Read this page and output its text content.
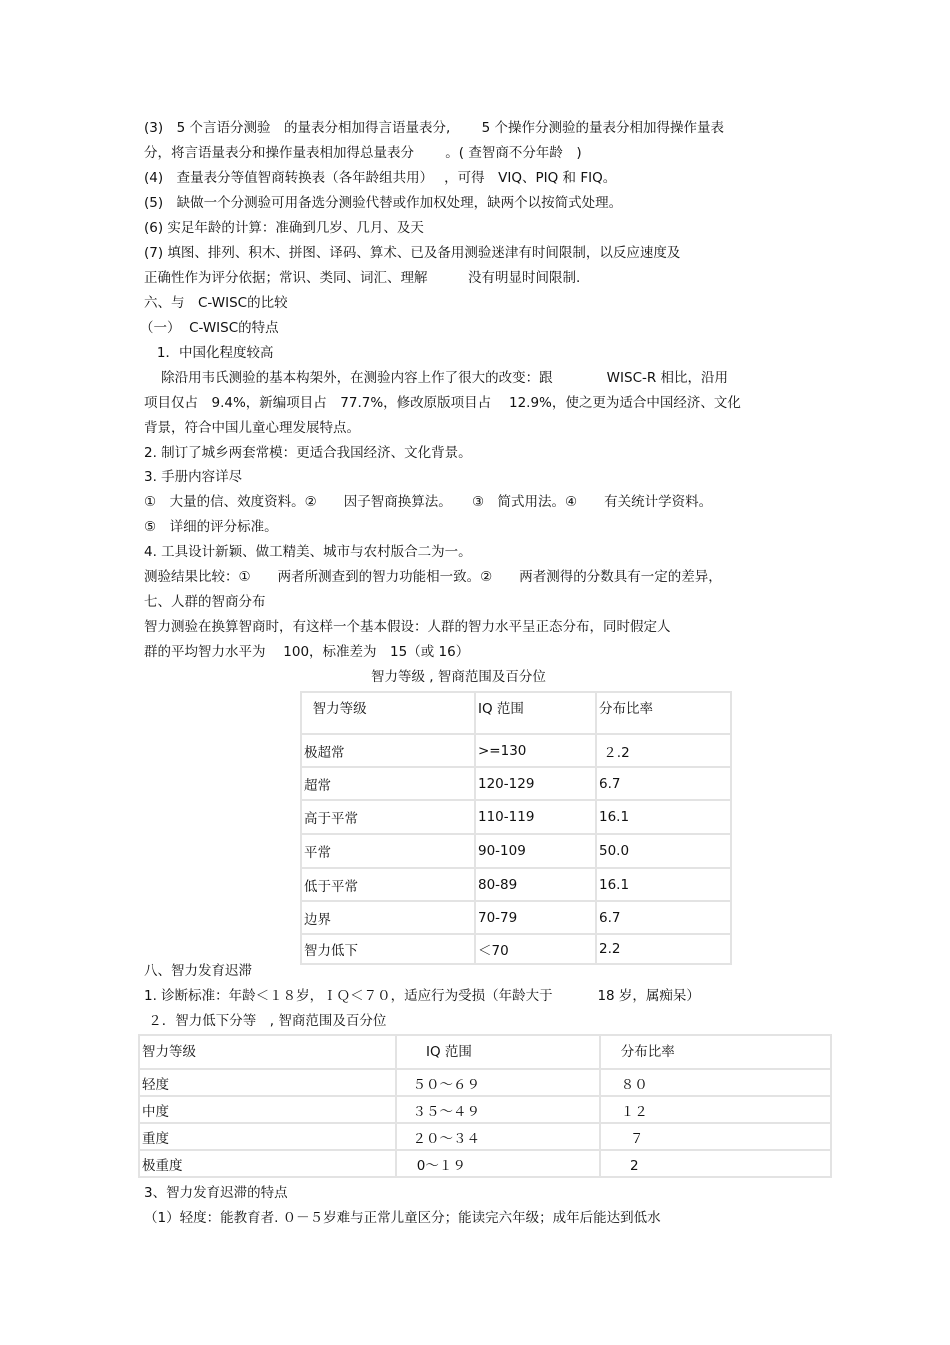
(3)　5 个言语分测验　的量表分相加得言语量表分,　　 5 个操作分测验的量表分相加得操作量表
分，将言语量表分和操作量表相加得总量表分　　 。( 查智商不分年龄　)
(4)　查量表分等值智商转换表（各年龄组共用）　 ，可得　VIQ、PIQ 和 FIQ。
(5)　缺做一个分测验可用备选分测验代替或作加权处理，缺两个以按简式处理。
(6) 实足年龄的计算：准确到几岁、几月、及天
(7) 填图、排列、积木、拼图、译码、算术、已及备用测验迷津有时间限制，以反应速度及
正确性作为评分依据；常识、类同、词汇、理解　　　没有明显时间限制.
六、与　C-WISC的比较
（一）  C-WISC的特点
1．中国化程度较高
除沿用韦氏测验的基本构架外，在测验内容上作了很大的改变：跟　　　　WISC-R 相比，沿用
项目仅占　9.4%，新编项目占　77.7%，修改原版项目占　 12.9%，使之更为适合中国经济、文化
背景，符合中国儿童心理发展特点。
2. 制订了城乡两套常模：更适合我国经济、文化背景。
3. 手册内容详尽
①　大量的信、效度资料。②　　因子智商换算法。　　③　简式用法。④　　有关统计学资料。
⑤　详细的评分标准。
4. 工具设计新颖、做工精美、城市与农村版合二为一。
测验结果比较：①　　两者所测查到的智力功能相一致。②　　两者测得的分数具有一定的差异，
七、人群的智商分布
智力测验在换算智商时，有这样一个基本假设：人群的智力水平呈正态分布，同时假定人
群的平均智力水平为　 100，标准差为　15（或 16）
智力等级 , 智商范围及百分位
智力等级	IQ 范围	分布比率
极超常	>=130	２.2
超常	120-129	6.7
高于平常	110-119	16.1
平常	90-109	50.0
低于平常	80-89	16.1
边界	70-79	6.7
智力低下	＜70	2.2
八、智力发育迟滞
1. 诊断标准：年龄＜１８岁，ＩＱ＜７０，适应行为受损（年龄大于　　　 18 岁，属痴呆）
２．智力低下分等　, 智商范围及百分位
智力等级	　　IQ 范围	　 分布比率
轻度	　５０～６９	　 ８０
中度	　３５～４９	　 １２
重度	　２０～３４	　　７
极重度	　 0～１９	　　2
3、智力发育迟滞的特点
（1）轻度：能教育者. ０－５岁难与正常儿童区分；能读完六年级；成年后能达到低水
